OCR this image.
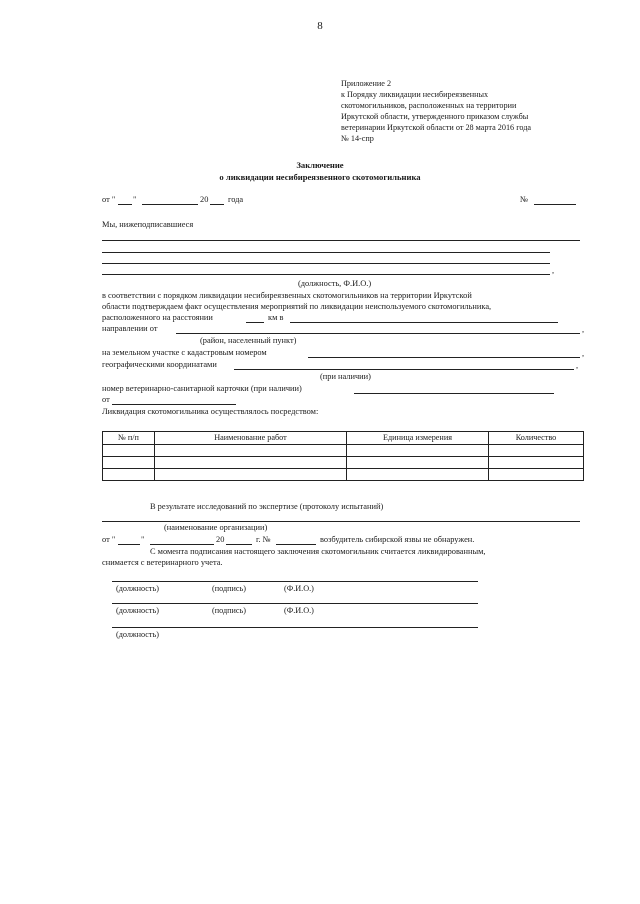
8
Приложение 2
к Порядку ликвидации несибиреязвенных
скотомогильников, расположенных на территории
Иркутской области, утвержденного приказом службы
ветеринарии Иркутской области от 28 марта 2016 года
№ 14-спр
Заключение
о ликвидации несибиреязвенного скотомогильника
от " "	20 года	№
Мы, нижеподписавшиеся
,
(должность, Ф.И.О.)
в соответствии с порядком ликвидации несибиреязвенных скотомогильников на территории Иркутской
области подтверждаем факт осуществления мероприятий по ликвидации неиспользуемого скотомогильника,
расположенного на расстоянии	км в
направлении от	,
(район, населенный пункт)
на земельном участке с кадастровым номером	,
географическими координатами	,
(при наличии)
номер ветеринарно-санитарной карточки (при наличии)
от
Ликвидация скотомогильника осуществлялось посредством:
№ п/п	Наименование работ	Единица измерения	Количество

В результате исследований по экспертизе (протоколу испытаний)
(наименование организации)
от "	"	20	г. №	возбудитель сибирской язвы не обнаружен.
С момента подписания настоящего заключения скотомогильник считается ликвидированным,
снимается с ветеринарного учета.
(должность)	(подпись)	(Ф.И.О.)
(должность)	(подпись)	(Ф.И.О.)
(должность)
